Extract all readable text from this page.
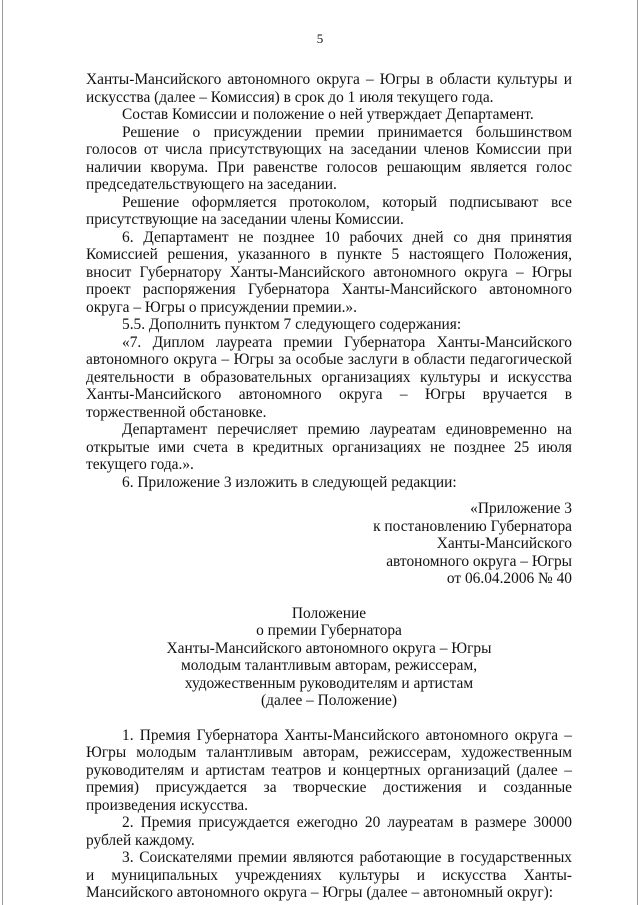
5

Ханты-Мансийского автономного округа – Югры в области культуры и искусства (далее – Комиссия) в срок до 1 июля текущего года.

Состав Комиссии и положение о ней утверждает Департамент.

Решение о присуждении премии принимается большинством голосов от числа присутствующих на заседании членов Комиссии при наличии кворума. При равенстве голосов решающим является голос председательствующего на заседании.

Решение оформляется протоколом, который подписывают все присутствующие на заседании члены Комиссии.

6. Департамент не позднее 10 рабочих дней со дня принятия Комиссией решения, указанного в пункте 5 настоящего Положения, вносит Губернатору Ханты-Мансийского автономного округа – Югры проект распоряжения Губернатора Ханты-Мансийского автономного округа – Югры о присуждении премии.».

5.5. Дополнить пунктом 7 следующего содержания:

«7. Диплом лауреата премии Губернатора Ханты-Мансийского автономного округа – Югры за особые заслуги в области педагогической деятельности в образовательных организациях культуры и искусства Ханты-Мансийского автономного округа – Югры вручается в торжественной обстановке.

Департамент перечисляет премию лауреатам единовременно на открытые ими счета в кредитных организациях не позднее 25 июля текущего года.».

6. Приложение 3 изложить в следующей редакции:

«Приложение 3

к постановлению Губернатора

Ханты-Мансийского

автономного округа – Югры

от 06.04.2006 № 40

Положение

о премии Губернатора

Ханты-Мансийского автономного округа – Югры

молодым талантливым авторам, режиссерам,

художественным руководителям и артистам

(далее – Положение)

1. Премия Губернатора Ханты-Мансийского автономного округа – Югры молодым талантливым авторам, режиссерам, художественным руководителям и артистам театров и концертных организаций (далее – премия) присуждается за творческие достижения и созданные произведения искусства.

2. Премия присуждается ежегодно 20 лауреатам в размере 30000 рублей каждому.

3. Соискателями премии являются работающие в государственных и муниципальных учреждениях культуры и искусства Ханты-Мансийского автономного округа – Югры (далее – автономный округ):
